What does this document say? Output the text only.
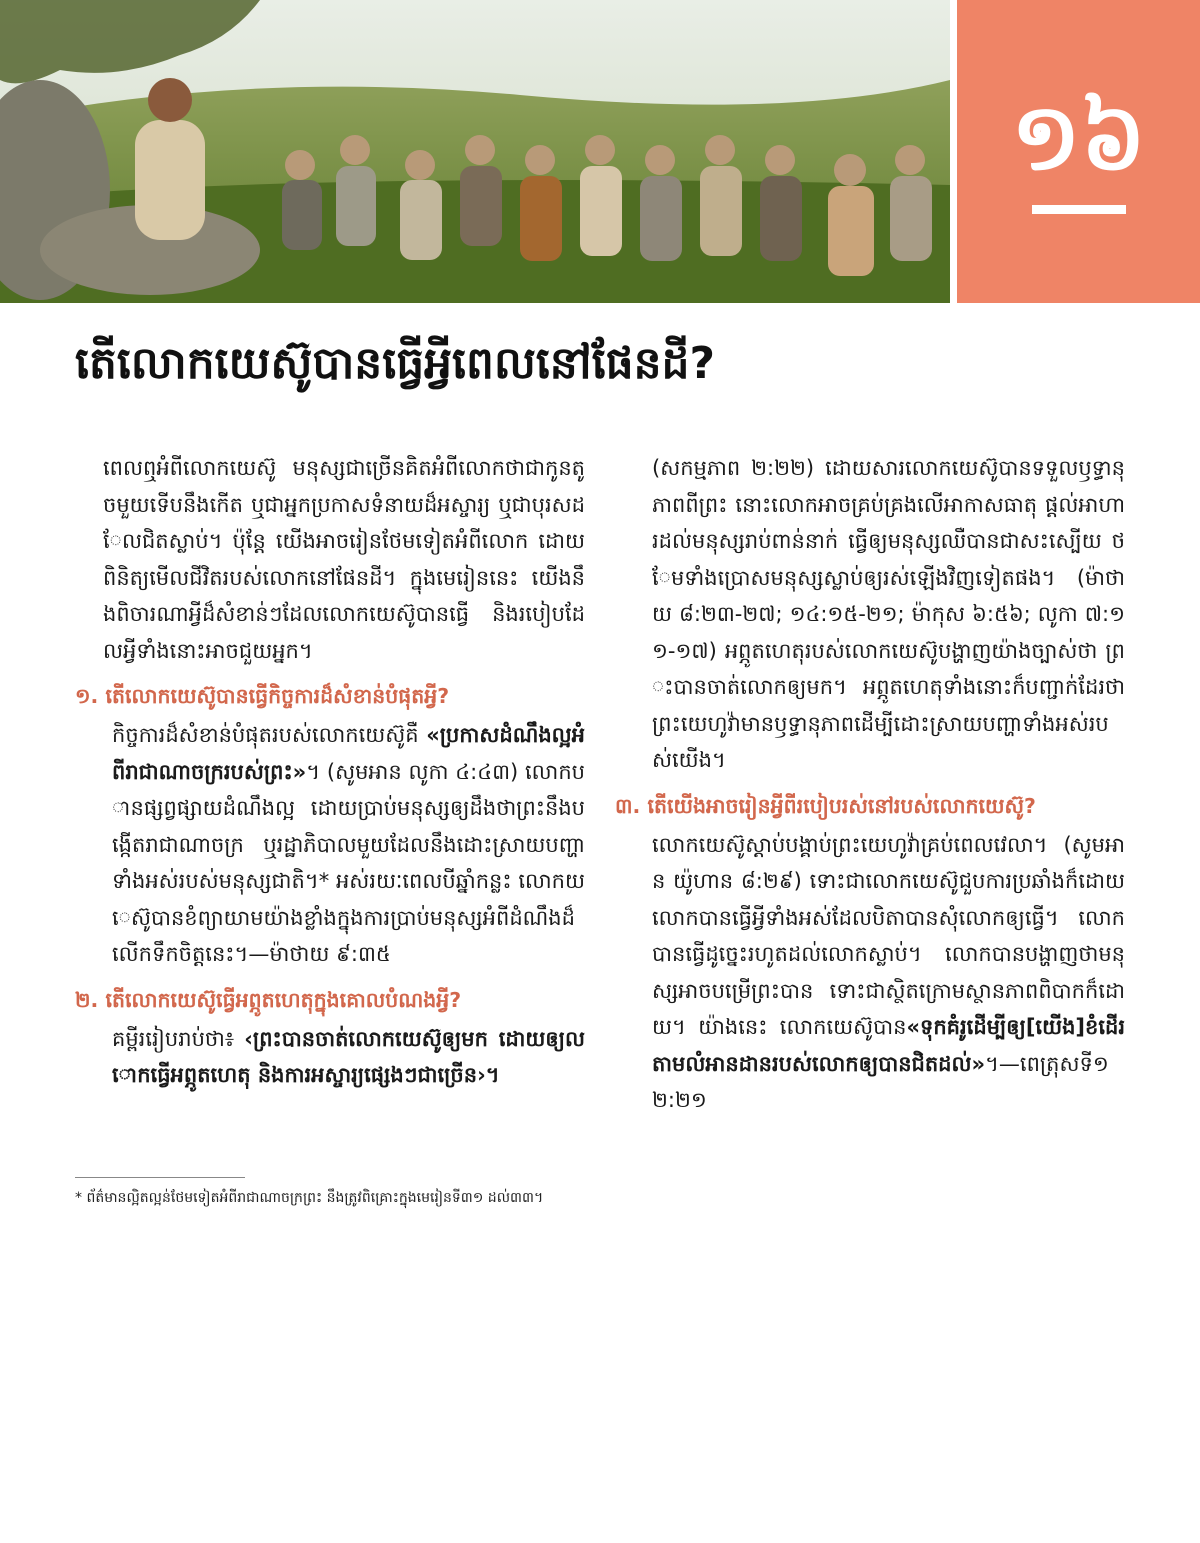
១៦
តើលោកយេស៊ូបានធ្វើអ្វីពេលនៅផែនដី?

ពេលឮអំពីលោកយេស៊ូ មនុស្សជាច្រើនគិតអំពីលោកថាជាកូនតូចមួយទើបនឹងកើត ឬជាអ្នកប្រកាសទំនាយដ៏អស្ចារ្យ ឬជាបុរសដែលជិតស្លាប់។ ប៉ុន្តែ យើងអាចរៀនថែមទៀតអំពីលោក ដោយពិនិត្យមើលជីវិតរបស់លោកនៅផែនដី។ ក្នុងមេរៀននេះ យើងនឹងពិចារណាអ្វីដ៏សំខាន់ៗដែលលោកយេស៊ូបានធ្វើ និងរបៀបដែលអ្វីទាំងនោះអាចជួយអ្នក។

១. តើលោកយេស៊ូបានធ្វើកិច្ចការដ៏សំខាន់បំផុតអ្វី?

កិច្ចការដ៏សំខាន់បំផុតរបស់លោកយេស៊ូគឺ «ប្រកាសដំណឹងល្អអំពីរាជាណាចក្ររបស់ព្រះ»។ (សូមអាន លូកា ៤:៤៣) លោកបានផ្សព្វផ្សាយដំណឹងល្អ ដោយប្រាប់មនុស្សឲ្យដឹងថាព្រះនឹងបង្កើតរាជាណាចក្រ ឬរដ្ឋាភិបាលមួយដែលនឹងដោះស្រាយបញ្ហាទាំងអស់របស់មនុស្សជាតិ។* អស់រយៈពេលបីឆ្នាំកន្លះ លោកយេស៊ូបានខំព្យាយាមយ៉ាងខ្លាំងក្នុងការប្រាប់មនុស្សអំពីដំណឹងដ៏លើកទឹកចិត្តនេះ។—ម៉ាថាយ ៩:៣៥

២. តើលោកយេស៊ូធ្វើអព្ភូតហេតុក្នុងគោលបំណងអ្វី?

គម្ពីររៀបរាប់ថា៖ ‹ព្រះបានចាត់លោកយេស៊ូឲ្យមក ដោយឲ្យលោកធ្វើអព្ភូតហេតុ និងការអស្ចារ្យផ្សេងៗជាច្រើន›។

* ព័ត៌មានល្អិតល្អន់ថែមទៀតអំពីរាជាណាចក្រព្រះ នឹងត្រូវពិគ្រោះក្នុងមេរៀនទី៣១ ដល់៣៣។

(សកម្មភាព ២:២២) ដោយសារលោកយេស៊ូបានទទួលឫទ្ធានុភាពពីព្រះ នោះលោកអាចគ្រប់គ្រងលើអាកាសធាតុ ផ្តល់អាហារដល់មនុស្សរាប់ពាន់នាក់ ធ្វើឲ្យមនុស្សឈឺបានជាសះស្បើយ ថែមទាំងប្រោសមនុស្សស្លាប់ឲ្យរស់ឡើងវិញទៀតផង។ (ម៉ាថាយ ៨:២៣-២៧; ១៤:១៥-២១; ម៉ាកុស ៦:៥៦; លូកា ៧:១១-១៧) អព្ភូតហេតុរបស់លោកយេស៊ូបង្ហាញយ៉ាងច្បាស់ថា ព្រះបានចាត់លោកឲ្យមក។ អព្ភូតហេតុទាំងនោះក៏បញ្ជាក់ដែរថា ព្រះយេហូវ៉ាមានឫទ្ធានុភាពដើម្បីដោះស្រាយបញ្ហាទាំងអស់របស់យើង។

៣. តើយើងអាចរៀនអ្វីពីរបៀបរស់នៅរបស់លោកយេស៊ូ?

លោកយេស៊ូស្ដាប់បង្គាប់ព្រះយេហូវ៉ាគ្រប់ពេលវេលា។ (សូមអាន យ៉ូហាន ៨:២៩) ទោះជាលោកយេស៊ូជួបការប្រឆាំងក៏ដោយ លោកបានធ្វើអ្វីទាំងអស់ដែលបិតាបានសុំលោកឲ្យធ្វើ។ លោកបានធ្វើដូច្នេះរហូតដល់លោកស្លាប់។ លោកបានបង្ហាញថាមនុស្សអាចបម្រើព្រះបាន ទោះជាស្ថិតក្រោមស្ថានភាពពិបាកក៏ដោយ។ យ៉ាងនេះ លោកយេស៊ូបាន«ទុកគំរូដើម្បីឲ្យ[យើង]ខំដើរតាមលំអានដានរបស់លោកឲ្យបានជិតដល់»។—ពេត្រុសទី១ ២:២១
